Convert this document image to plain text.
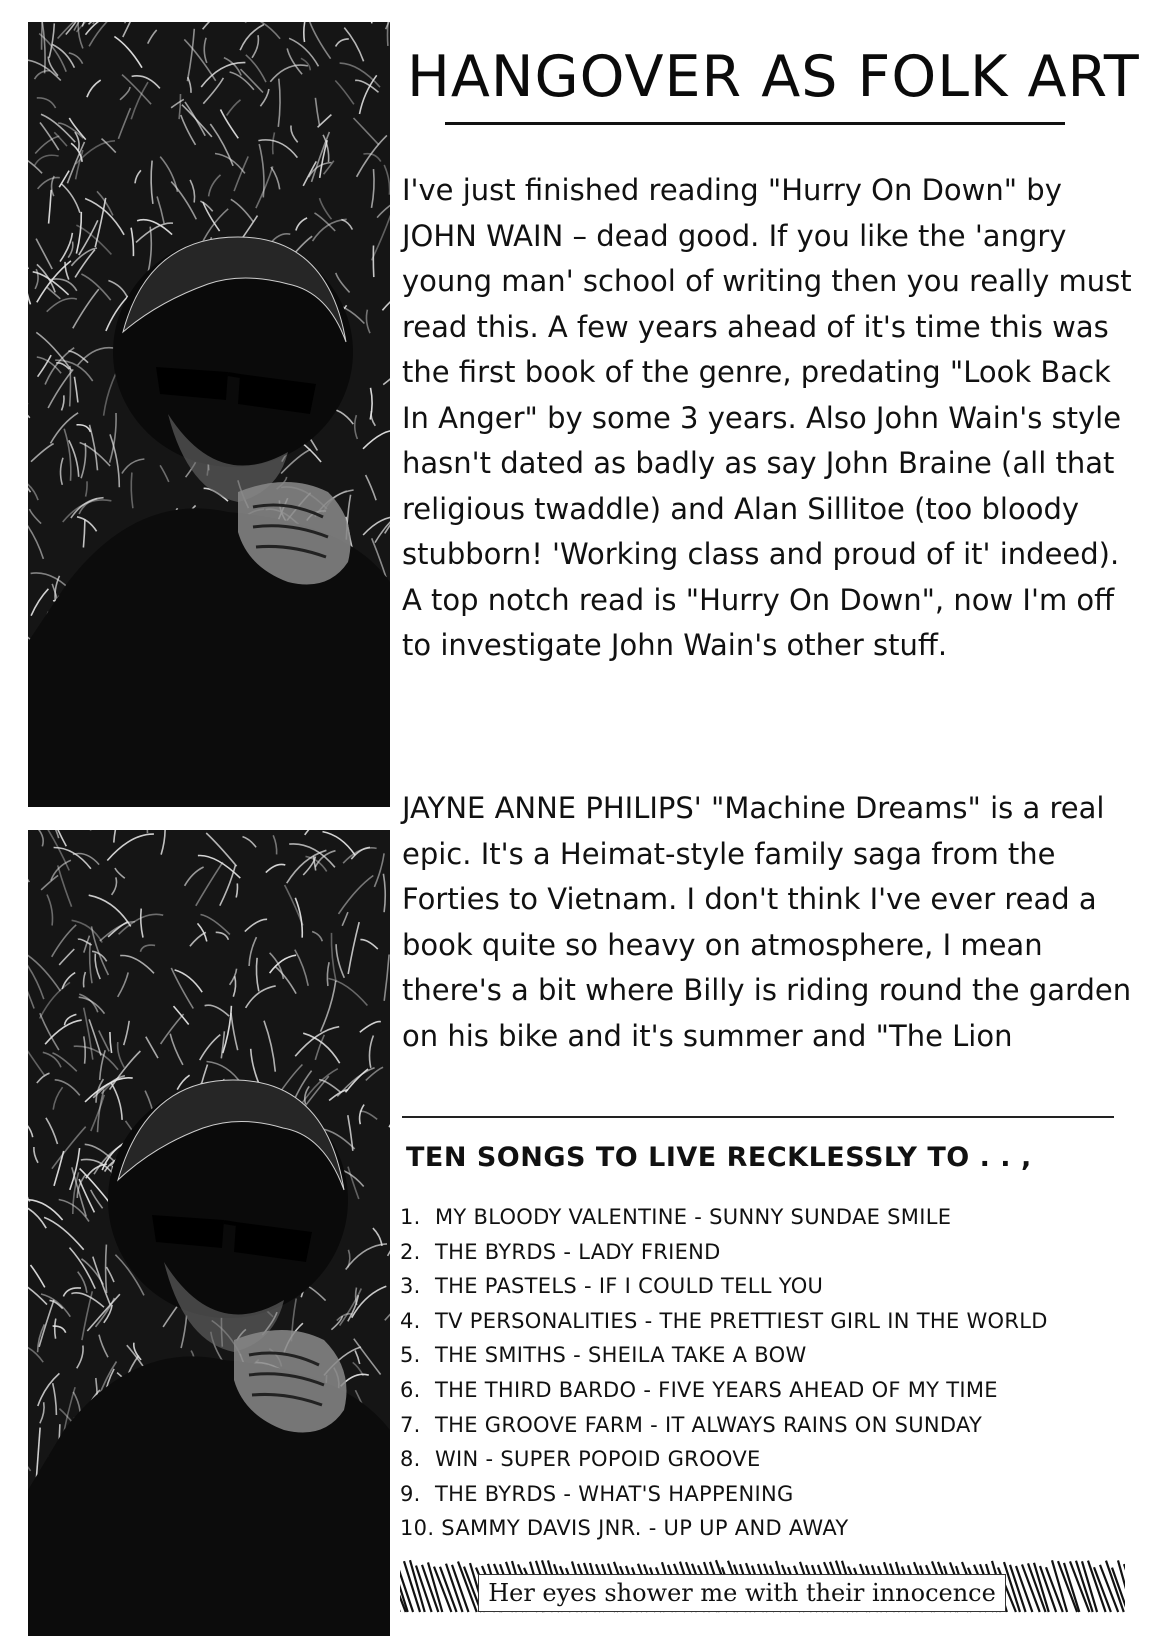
HANGOVER AS FOLK ART

I've just finished reading "Hurry On Down" by JOHN WAIN – dead good. If you like the 'angry young man' school of writing then you really must read this. A few years ahead of it's time this was the first book of the genre, predating "Look Back In Anger" by some 3 years. Also John Wain's style hasn't dated as badly as say John Braine (all that religious twaddle) and Alan Sillitoe (too bloody stubborn! 'Working class and proud of it' indeed). A top notch read is "Hurry On Down", now I'm off to investigate John Wain's other stuff.

JAYNE ANNE PHILIPS' "Machine Dreams" is a real epic. It's a Heimat-style family saga from the Forties to Vietnam. I don't think I've ever read a book quite so heavy on atmosphere, I mean there's a bit where Billy is riding round the garden on his bike and it's summer and "The Lion

TEN SONGS TO LIVE RECKLESSLY TO . . ,
1. MY BLOODY VALENTINE - SUNNY SUNDAE SMILE
2. THE BYRDS - LADY FRIEND
3. THE PASTELS - IF I COULD TELL YOU
4. TV PERSONALITIES - THE PRETTIEST GIRL IN THE WORLD
5. THE SMITHS - SHEILA TAKE A BOW
6. THE THIRD BARDO - FIVE YEARS AHEAD OF MY TIME
7. THE GROOVE FARM - IT ALWAYS RAINS ON SUNDAY
8. WIN - SUPER POPOID GROOVE
9. THE BYRDS - WHAT'S HAPPENING
10. SAMMY DAVIS JNR. - UP UP AND AWAY
Her eyes shower me with their innocence
